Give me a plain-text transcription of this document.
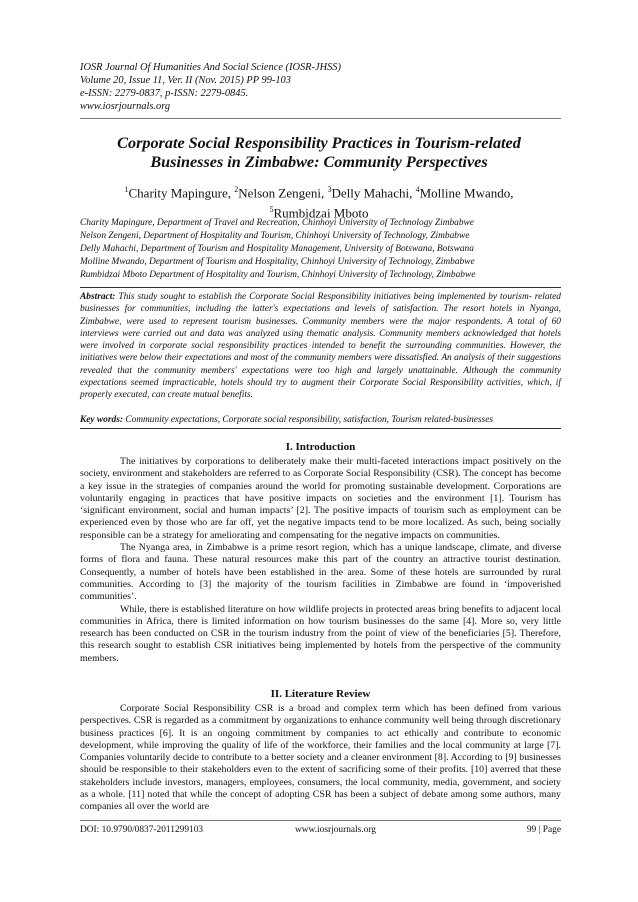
IOSR Journal Of Humanities And Social Science (IOSR-JHSS)
Volume 20, Issue 11, Ver. II (Nov. 2015) PP 99-103
e-ISSN: 2279-0837, p-ISSN: 2279-0845.
www.iosrjournals.org
Corporate Social Responsibility Practices in Tourism-related
Businesses in Zimbabwe: Community Perspectives
$^1$Charity Mapingure, $^2$Nelson Zengeni, $^3$Delly Mahachi, $^4$Molline Mwando,
$^5$Rumbidzai Mboto
Charity Mapingure, Department of Travel and Recreation, Chinhoyi University of Technology Zimbabwe
Nelson Zengeni, Department of Hospitality and Tourism, Chinhoyi University of Technology, Zimbabwe
Delly Mahachi, Department of Tourism and Hospitality Management, University of Botswana, Botswana
Molline Mwando, Department of Tourism and Hospitality, Chinhoyi University of Technology, Zimbabwe
Rumbidzai Mboto Department of Hospitality and Tourism, Chinhoyi University of Technology, Zimbabwe
Abstract: This study sought to establish the Corporate Social Responsibility initiatives being implemented by tourism- related businesses for communities, including the latter's expectations and levels of satisfaction. The resort hotels in Nyanga, Zimbabwe, were used to represent tourism businesses. Community members were the major respondents. A total of 60 interviews were carried out and data was analyzed using thematic analysis. Community members acknowledged that hotels were involved in corporate social responsibility practices intended to benefit the surrounding communities. However, the initiatives were below their expectations and most of the community members were dissatisfied. An analysis of their suggestions revealed that the community members' expectations were too high and largely unattainable. Although the community expectations seemed impracticable, hotels should try to augment their Corporate Social Responsibility activities, which, if properly executed, can create mutual benefits.
Key words: Community expectations, Corporate social responsibility, satisfaction, Tourism related-businesses
I. Introduction

The initiatives by corporations to deliberately make their multi-faceted interactions impact positively on the society, environment and stakeholders are referred to as Corporate Social Responsibility (CSR). The concept has become a key issue in the strategies of companies around the world for promoting sustainable development. Corporations are voluntarily engaging in practices that have positive impacts on societies and the environment [1]. Tourism has ‘significant environment, social and human impacts’ [2]. The positive impacts of tourism such as employment can be experienced even by those who are far off, yet the negative impacts tend to be more localized. As such, being socially responsible can be a strategy for ameliorating and compensating for the negative impacts on communities.

The Nyanga area, in Zimbabwe is a prime resort region, which has a unique landscape, climate, and diverse forms of flora and fauna. These natural resources make this part of the country an attractive tourist destination. Consequently, a number of hotels have been established in the area. Some of these hotels are surrounded by rural communities. According to [3] the majority of the tourism facilities in Zimbabwe are found in ‘impoverished communities’.

While, there is established literature on how wildlife projects in protected areas bring benefits to adjacent local communities in Africa, there is limited information on how tourism businesses do the same [4]. More so, very little research has been conducted on CSR in the tourism industry from the point of view of the beneficiaries [5]. Therefore, this research sought to establish CSR initiatives being implemented by hotels from the perspective of the community members.

II. Literature Review

Corporate Social Responsibility CSR is a broad and complex term which has been defined from various perspectives. CSR is regarded as a commitment by organizations to enhance community well being through discretionary business practices [6]. It is an ongoing commitment by companies to act ethically and contribute to economic development, while improving the quality of life of the workforce, their families and the local community at large [7]. Companies voluntarily decide to contribute to a better society and a cleaner environment [8]. According to [9] businesses should be responsible to their stakeholders even to the extent of sacrificing some of their profits. [10] averred that these stakeholders include investors, managers, employees, consumers, the local community, media, government, and society as a whole. [11] noted that while the concept of adopting CSR has been a subject of debate among some authors, many companies all over the world are

DOI: 10.9790/0837-2011299103	www.iosrjournals.org	99 | Page
